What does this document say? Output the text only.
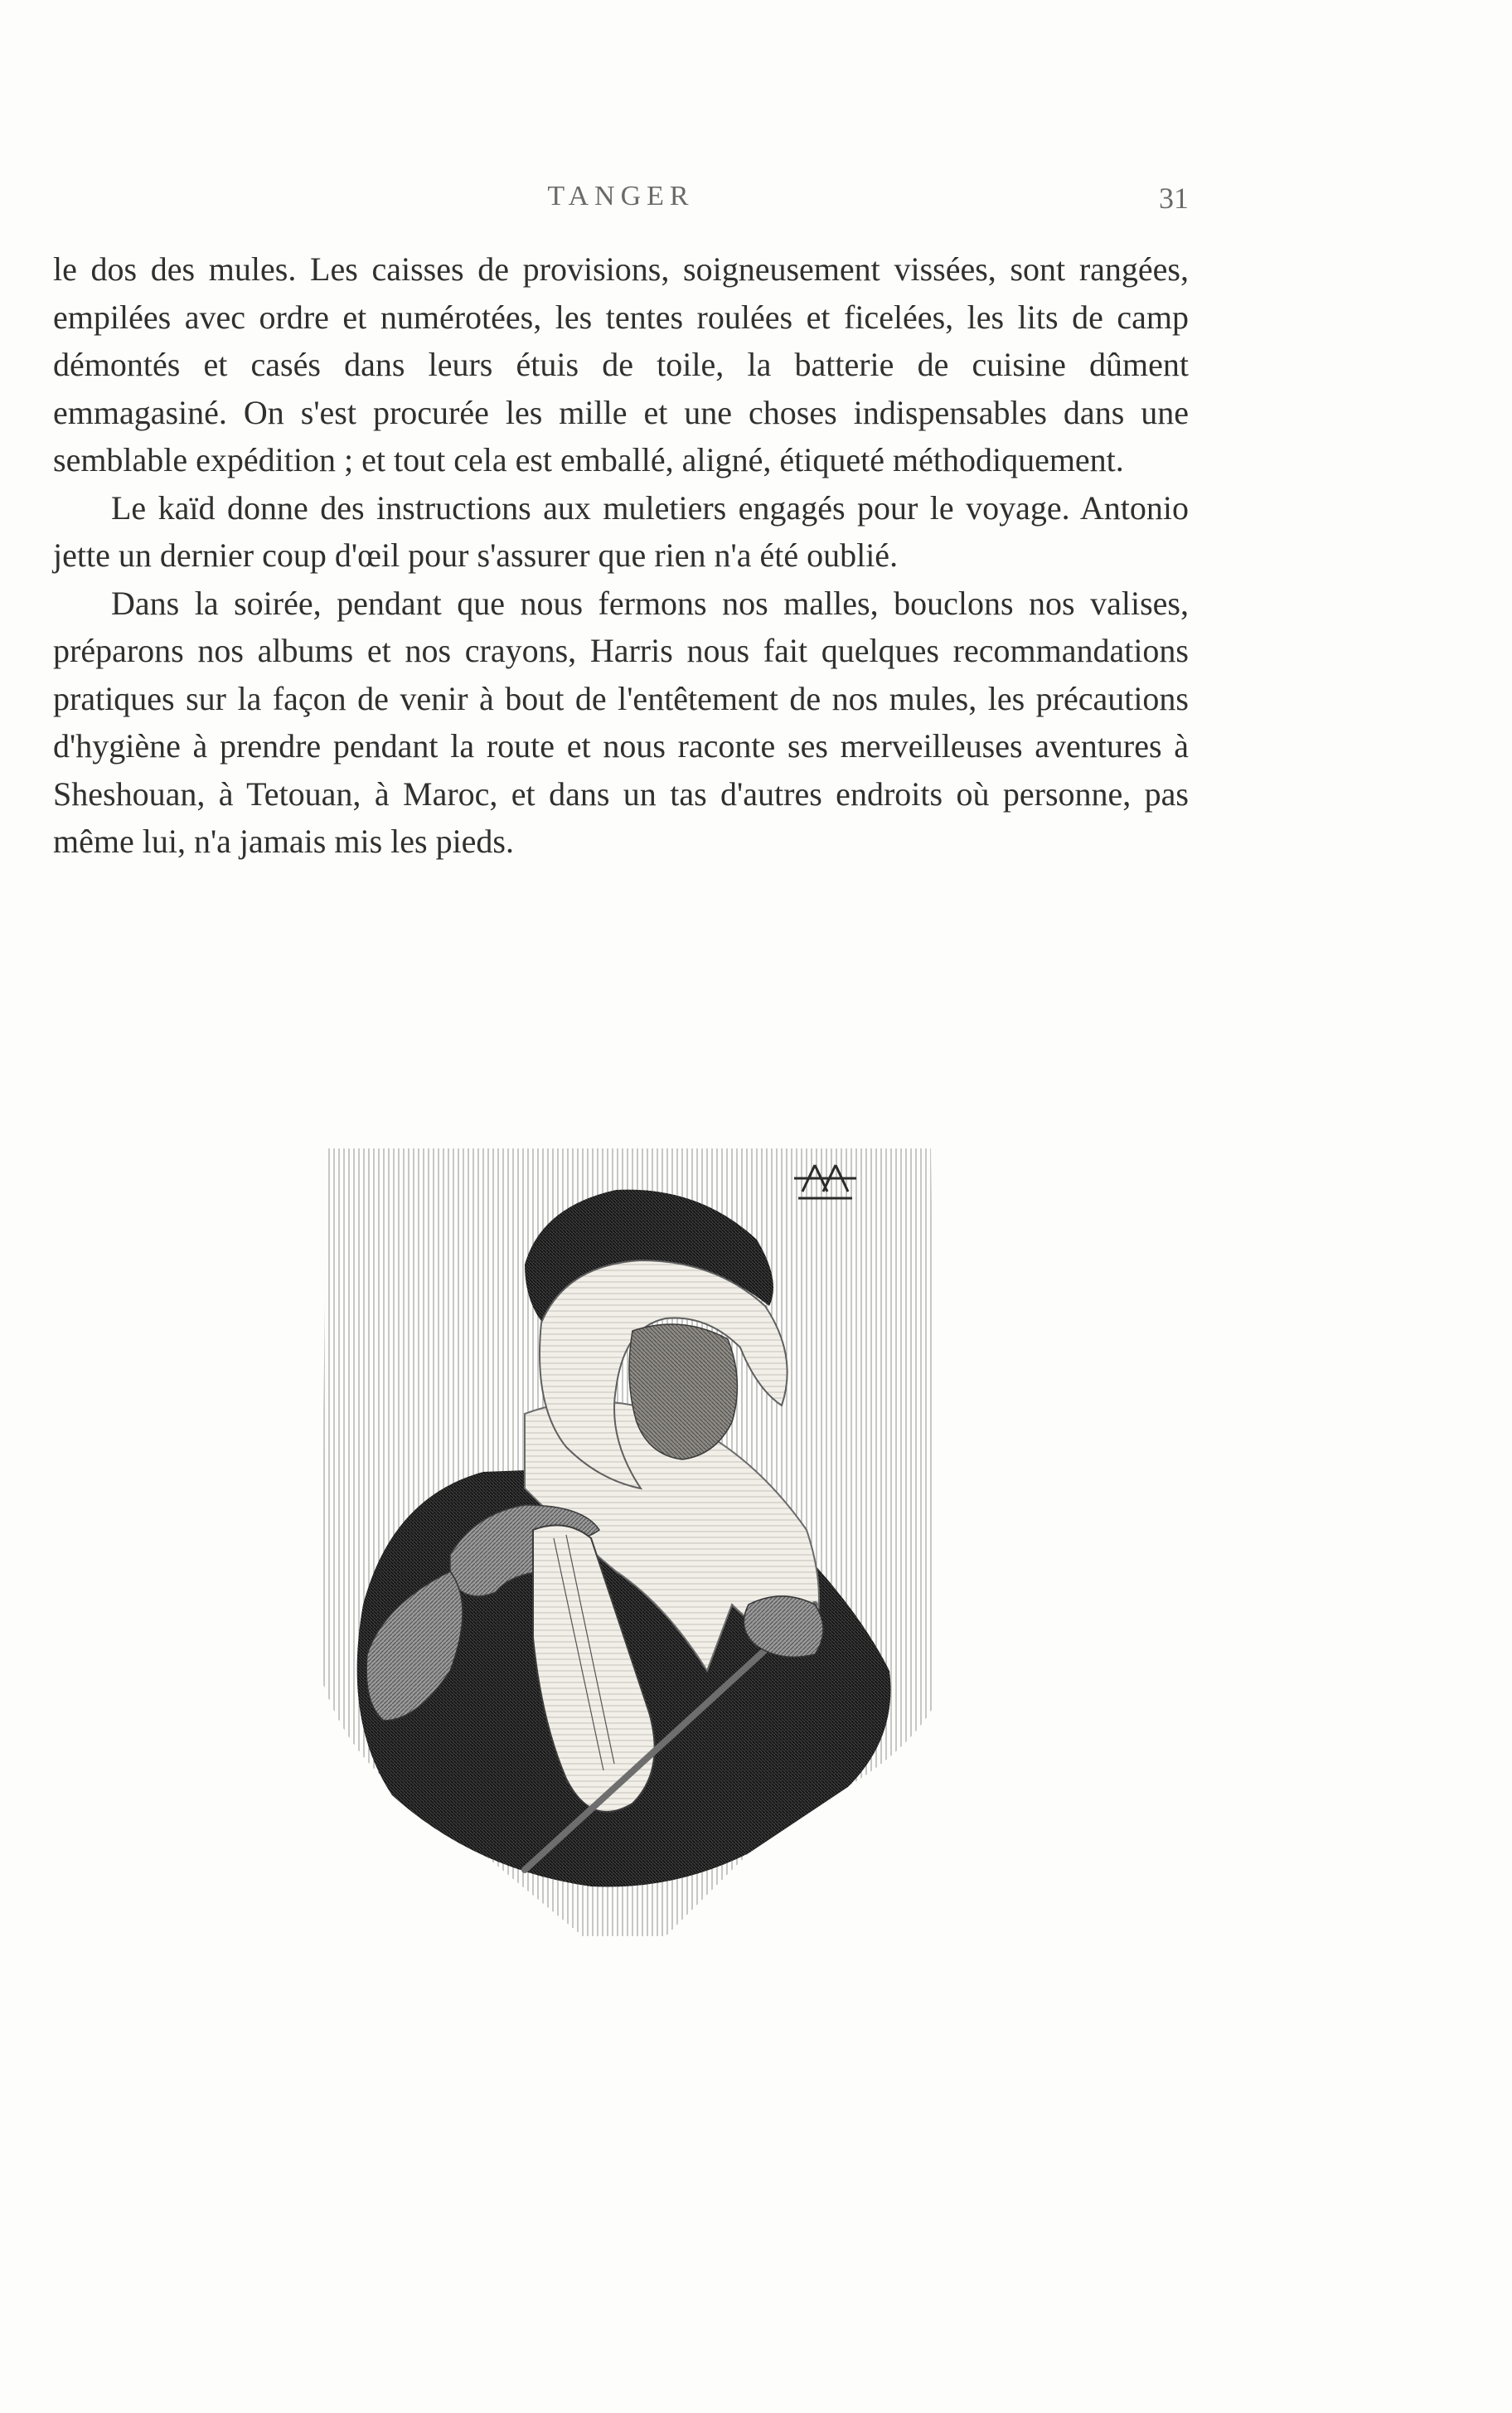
TANGER	31

le dos des mules. Les caisses de provisions, soigneusement vissées, sont rangées, empilées avec ordre et numérotées, les tentes roulées et ficelées, les lits de camp démontés et casés dans leurs étuis de toile, la batterie de cuisine dûment emmagasiné. On s'est procurée les mille et une choses indispensables dans une semblable expédition ; et tout cela est emballé, aligné, étiqueté méthodiquement.

Le kaïd donne des instructions aux muletiers engagés pour le voyage. Antonio jette un dernier coup d'œil pour s'assurer que rien n'a été oublié.

Dans la soirée, pendant que nous fermons nos malles, bouclons nos valises, préparons nos albums et nos crayons, Harris nous fait quelques recommandations pratiques sur la façon de venir à bout de l'entêtement de nos mules, les précautions d'hygiène à prendre pendant la route et nous raconte ses merveilleuses aventures à Sheshouan, à Tetouan, à Maroc, et dans un tas d'autres endroits où personne, pas même lui, n'a jamais mis les pieds.
